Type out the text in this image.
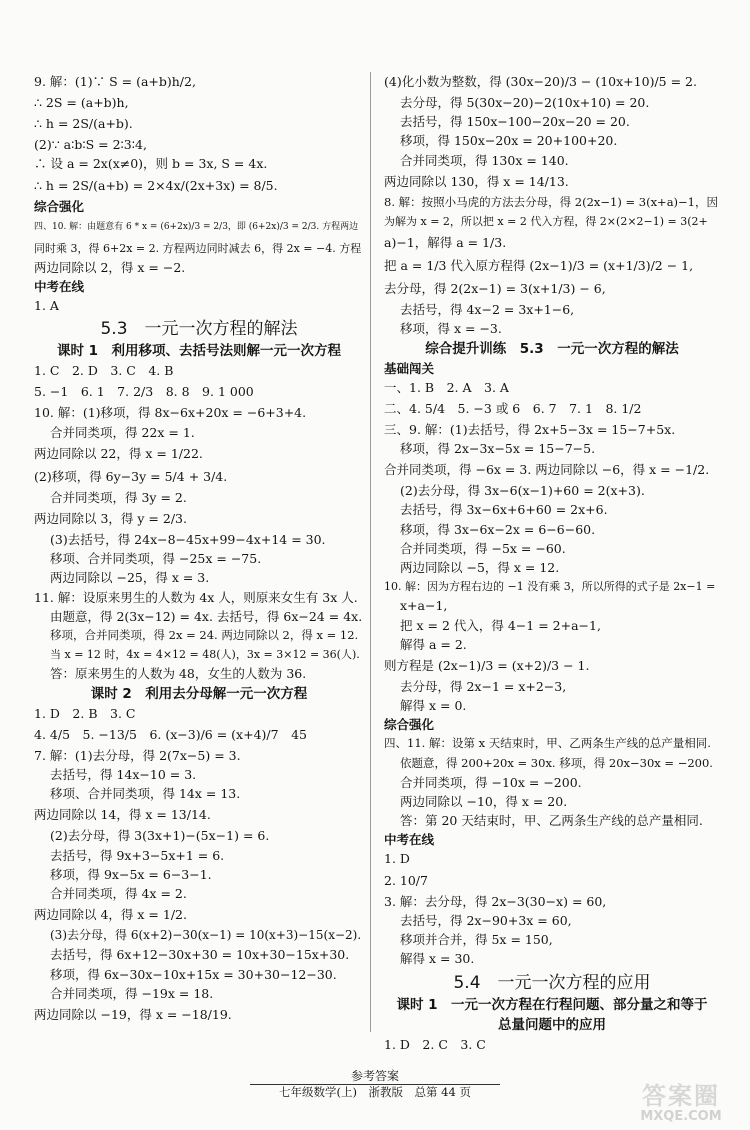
9. 解：(1)∵ S = (a+b)h/2,
∴ 2S = (a+b)h,
∴ h = 2S/(a+b).
(2)∵ a∶b∶S = 2∶3∶4,
∴ 设 a = 2x(x≠0)，则 b = 3x, S = 4x.
∴ h = 2S/(a+b) = 2×4x/(2x+3x) = 8/5.
综合强化
四、10. 解：由题意有 6 * x = (6+2x)/3 = 2/3，即 (6+2x)/3 = 2/3. 方程两边
同时乘 3，得 6+2x = 2. 方程两边同时减去 6，得 2x = −4. 方程
两边同除以 2，得 x = −2.
中考在线
1. A
5.3　一元一次方程的解法
课时 1　利用移项、去括号法则解一元一次方程
1. C　2. D　3. C　4. B
5. −1　6. 1　7. 2/3　8. 8　9. 1 000
10. 解：(1)移项，得 8x−6x+20x = −6+3+4.
合并同类项，得 22x = 1.
两边同除以 22，得 x = 1/22.
(2)移项，得 6y−3y = 5/4 + 3/4.
合并同类项，得 3y = 2.
两边同除以 3，得 y = 2/3.
(3)去括号，得 24x−8−45x+99−4x+14 = 30.
移项、合并同类项，得 −25x = −75.
两边同除以 −25，得 x = 3.
11. 解：设原来男生的人数为 4x 人，则原来女生有 3x 人.
由题意，得 2(3x−12) = 4x. 去括号，得 6x−24 = 4x.
移项，合并同类项，得 2x = 24. 两边同除以 2，得 x = 12.
当 x = 12 时，4x = 4×12 = 48(人)，3x = 3×12 = 36(人).
答：原来男生的人数为 48，女生的人数为 36.
课时 2　利用去分母解一元一次方程
1. D　2. B　3. C
4. 4/5　5. −13/5　6. (x−3)/6 = (x+4)/7　45
7. 解：(1)去分母，得 2(7x−5) = 3.
去括号，得 14x−10 = 3.
移项、合并同类项，得 14x = 13.
两边同除以 14，得 x = 13/14.
(2)去分母，得 3(3x+1)−(5x−1) = 6.
去括号，得 9x+3−5x+1 = 6.
移项，得 9x−5x = 6−3−1.
合并同类项，得 4x = 2.
两边同除以 4，得 x = 1/2.
(3)去分母，得 6(x+2)−30(x−1) = 10(x+3)−15(x−2).
去括号，得 6x+12−30x+30 = 10x+30−15x+30.
移项，得 6x−30x−10x+15x = 30+30−12−30.
合并同类项，得 −19x = 18.
两边同除以 −19，得 x = −18/19.
(4)化小数为整数，得 (30x−20)/3 − (10x+10)/5 = 2.
去分母，得 5(30x−20)−2(10x+10) = 20.
去括号，得 150x−100−20x−20 = 20.
移项，得 150x−20x = 20+100+20.
合并同类项，得 130x = 140.
两边同除以 130，得 x = 14/13.
8. 解：按照小马虎的方法去分母，得 2(2x−1) = 3(x+a)−1，因
为解为 x = 2，所以把 x = 2 代入方程，得 2×(2×2−1) = 3(2+
a)−1，解得 a = 1/3.
把 a = 1/3 代入原方程得 (2x−1)/3 = (x+1/3)/2 − 1,
去分母，得 2(2x−1) = 3(x+1/3) − 6,
去括号，得 4x−2 = 3x+1−6,
移项，得 x = −3.
综合提升训练　5.3　一元一次方程的解法
基础闯关
一、1. B　2. A　3. A
二、4. 5/4　5. −3 或 6　6. 7　7. 1　8. 1/2
三、9. 解：(1)去括号，得 2x+5−3x = 15−7+5x.
移项，得 2x−3x−5x = 15−7−5.
合并同类项，得 −6x = 3. 两边同除以 −6，得 x = −1/2.
(2)去分母，得 3x−6(x−1)+60 = 2(x+3).
去括号，得 3x−6x+6+60 = 2x+6.
移项，得 3x−6x−2x = 6−6−60.
合并同类项，得 −5x = −60.
两边同除以 −5，得 x = 12.
10. 解：因为方程右边的 −1 没有乘 3，所以所得的式子是 2x−1 =
x+a−1,
把 x = 2 代入，得 4−1 = 2+a−1,
解得 a = 2.
则方程是 (2x−1)/3 = (x+2)/3 − 1.
去分母，得 2x−1 = x+2−3,
解得 x = 0.
综合强化
四、11. 解：设第 x 天结束时，甲、乙两条生产线的总产量相同.
依题意，得 200+20x = 30x. 移项，得 20x−30x = −200.
合并同类项，得 −10x = −200.
两边同除以 −10，得 x = 20.
答：第 20 天结束时，甲、乙两条生产线的总产量相同.
中考在线
1. D
2. 10/7
3. 解：去分母，得 2x−3(30−x) = 60,
去括号，得 2x−90+3x = 60,
移项并合并，得 5x = 150,
解得 x = 30.
5.4　一元一次方程的应用
课时 1　一元一次方程在行程问题、部分量之和等于
总量问题中的应用
1. D　2. C　3. C
参考答案
七年级数学(上)　浙教版　总第 44 页	答案圈
MXQE.COM
